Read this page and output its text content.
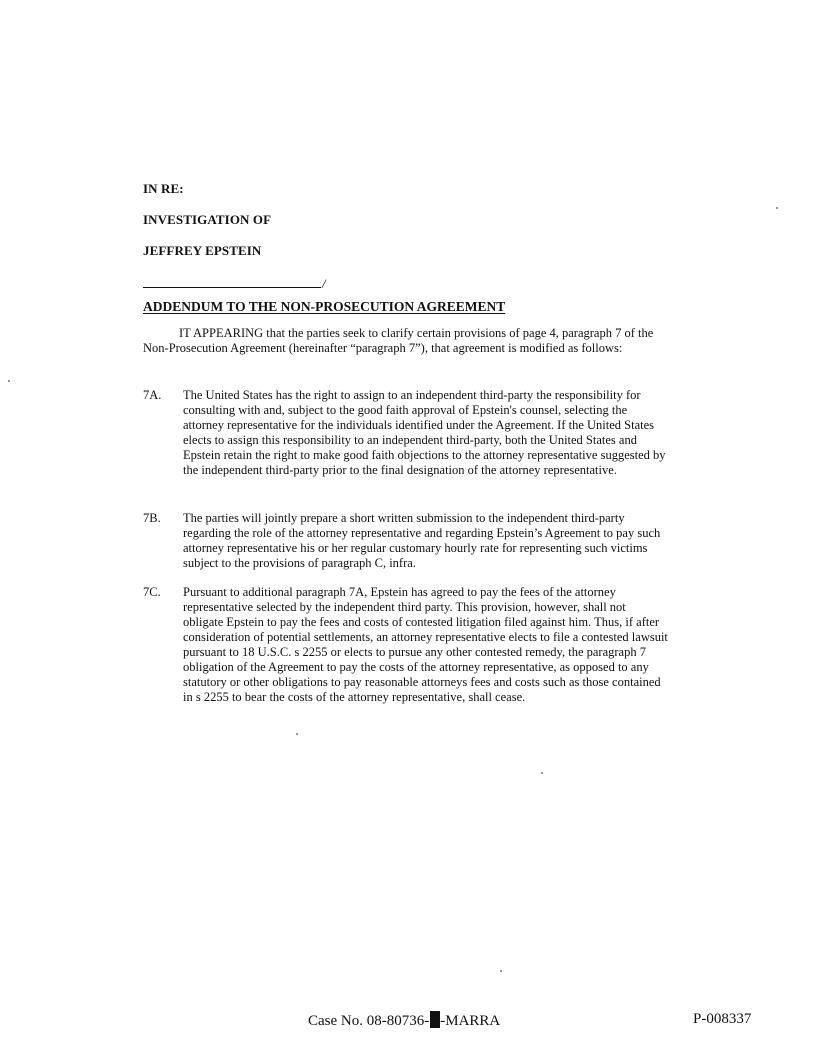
IN RE:
INVESTIGATION OF
JEFFREY EPSTEIN
/
ADDENDUM TO THE NON-PROSECUTION AGREEMENT

IT APPEARING that the parties seek to clarify certain provisions of page 4, paragraph 7 of the Non-Prosecution Agreement (hereinafter “paragraph 7”), that agreement is modified as follows:

7A.	The United States has the right to assign to an independent third-party the responsibility for consulting with and, subject to the good faith approval of Epstein's counsel, selecting the attorney representative for the individuals identified under the Agreement. If the United States elects to assign this responsibility to an independent third-party, both the United States and Epstein retain the right to make good faith objections to the attorney representative suggested by the independent third-party prior to the final designation of the attorney representative.
7B.	The parties will jointly prepare a short written submission to the independent third-party regarding the role of the attorney representative and regarding Epstein’s Agreement to pay such attorney representative his or her regular customary hourly rate for representing such victims subject to the provisions of paragraph C, infra.
7C.	Pursuant to additional paragraph 7A, Epstein has agreed to pay the fees of the attorney representative selected by the independent third party. This provision, however, shall not obligate Epstein to pay the fees and costs of contested litigation filed against him. Thus, if after consideration of potential settlements, an attorney representative elects to file a contested lawsuit pursuant to 18 U.S.C. s 2255 or elects to pursue any other contested remedy, the paragraph 7 obligation of the Agreement to pay the costs of the attorney representative, as opposed to any statutory or other obligations to pay reasonable attorneys fees and costs such as those contained in s 2255 to bear the costs of the attorney representative, shall cease.
Case No. 08-80736- -MARRA	P-008337
